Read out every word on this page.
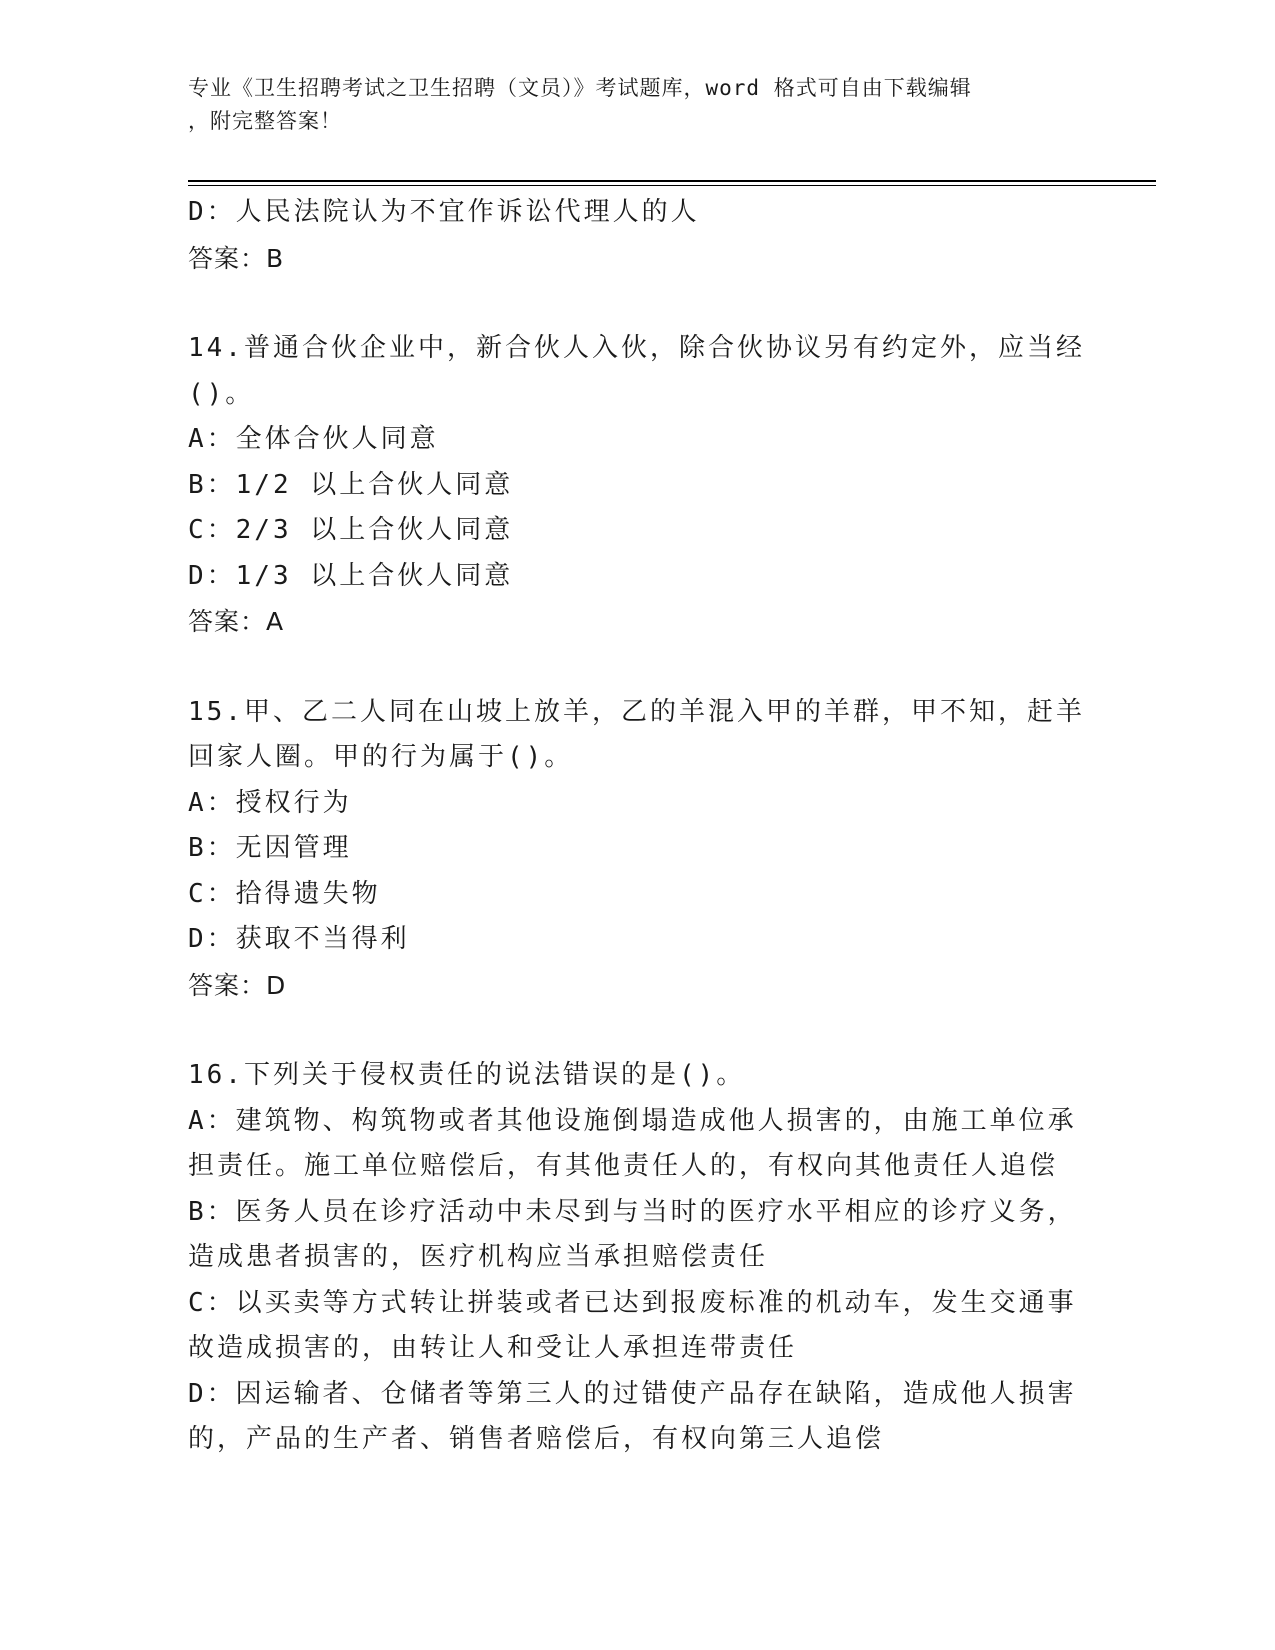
专业《卫生招聘考试之卫生招聘（文员）》考试题库，word 格式可自由下载编辑
，附完整答案！

D：人民法院认为不宜作诉讼代理人的人

答案：B

14.普通合伙企业中，新合伙人入伙，除合伙协议另有约定外，应当经

()。

A：全体合伙人同意

B：1/2 以上合伙人同意

C：2/3 以上合伙人同意

D：1/3 以上合伙人同意

答案：A

15.甲、乙二人同在山坡上放羊，乙的羊混入甲的羊群，甲不知，赶羊

回家人圈。甲的行为属于()。

A：授权行为

B：无因管理

C：拾得遗失物

D：获取不当得利

答案：D

16.下列关于侵权责任的说法错误的是()。

A：建筑物、构筑物或者其他设施倒塌造成他人损害的，由施工单位承

担责任。施工单位赔偿后，有其他责任人的，有权向其他责任人追偿

B：医务人员在诊疗活动中未尽到与当时的医疗水平相应的诊疗义务，

造成患者损害的，医疗机构应当承担赔偿责任

C：以买卖等方式转让拼装或者已达到报废标准的机动车，发生交通事

故造成损害的，由转让人和受让人承担连带责任

D：因运输者、仓储者等第三人的过错使产品存在缺陷，造成他人损害

的，产品的生产者、销售者赔偿后，有权向第三人追偿
